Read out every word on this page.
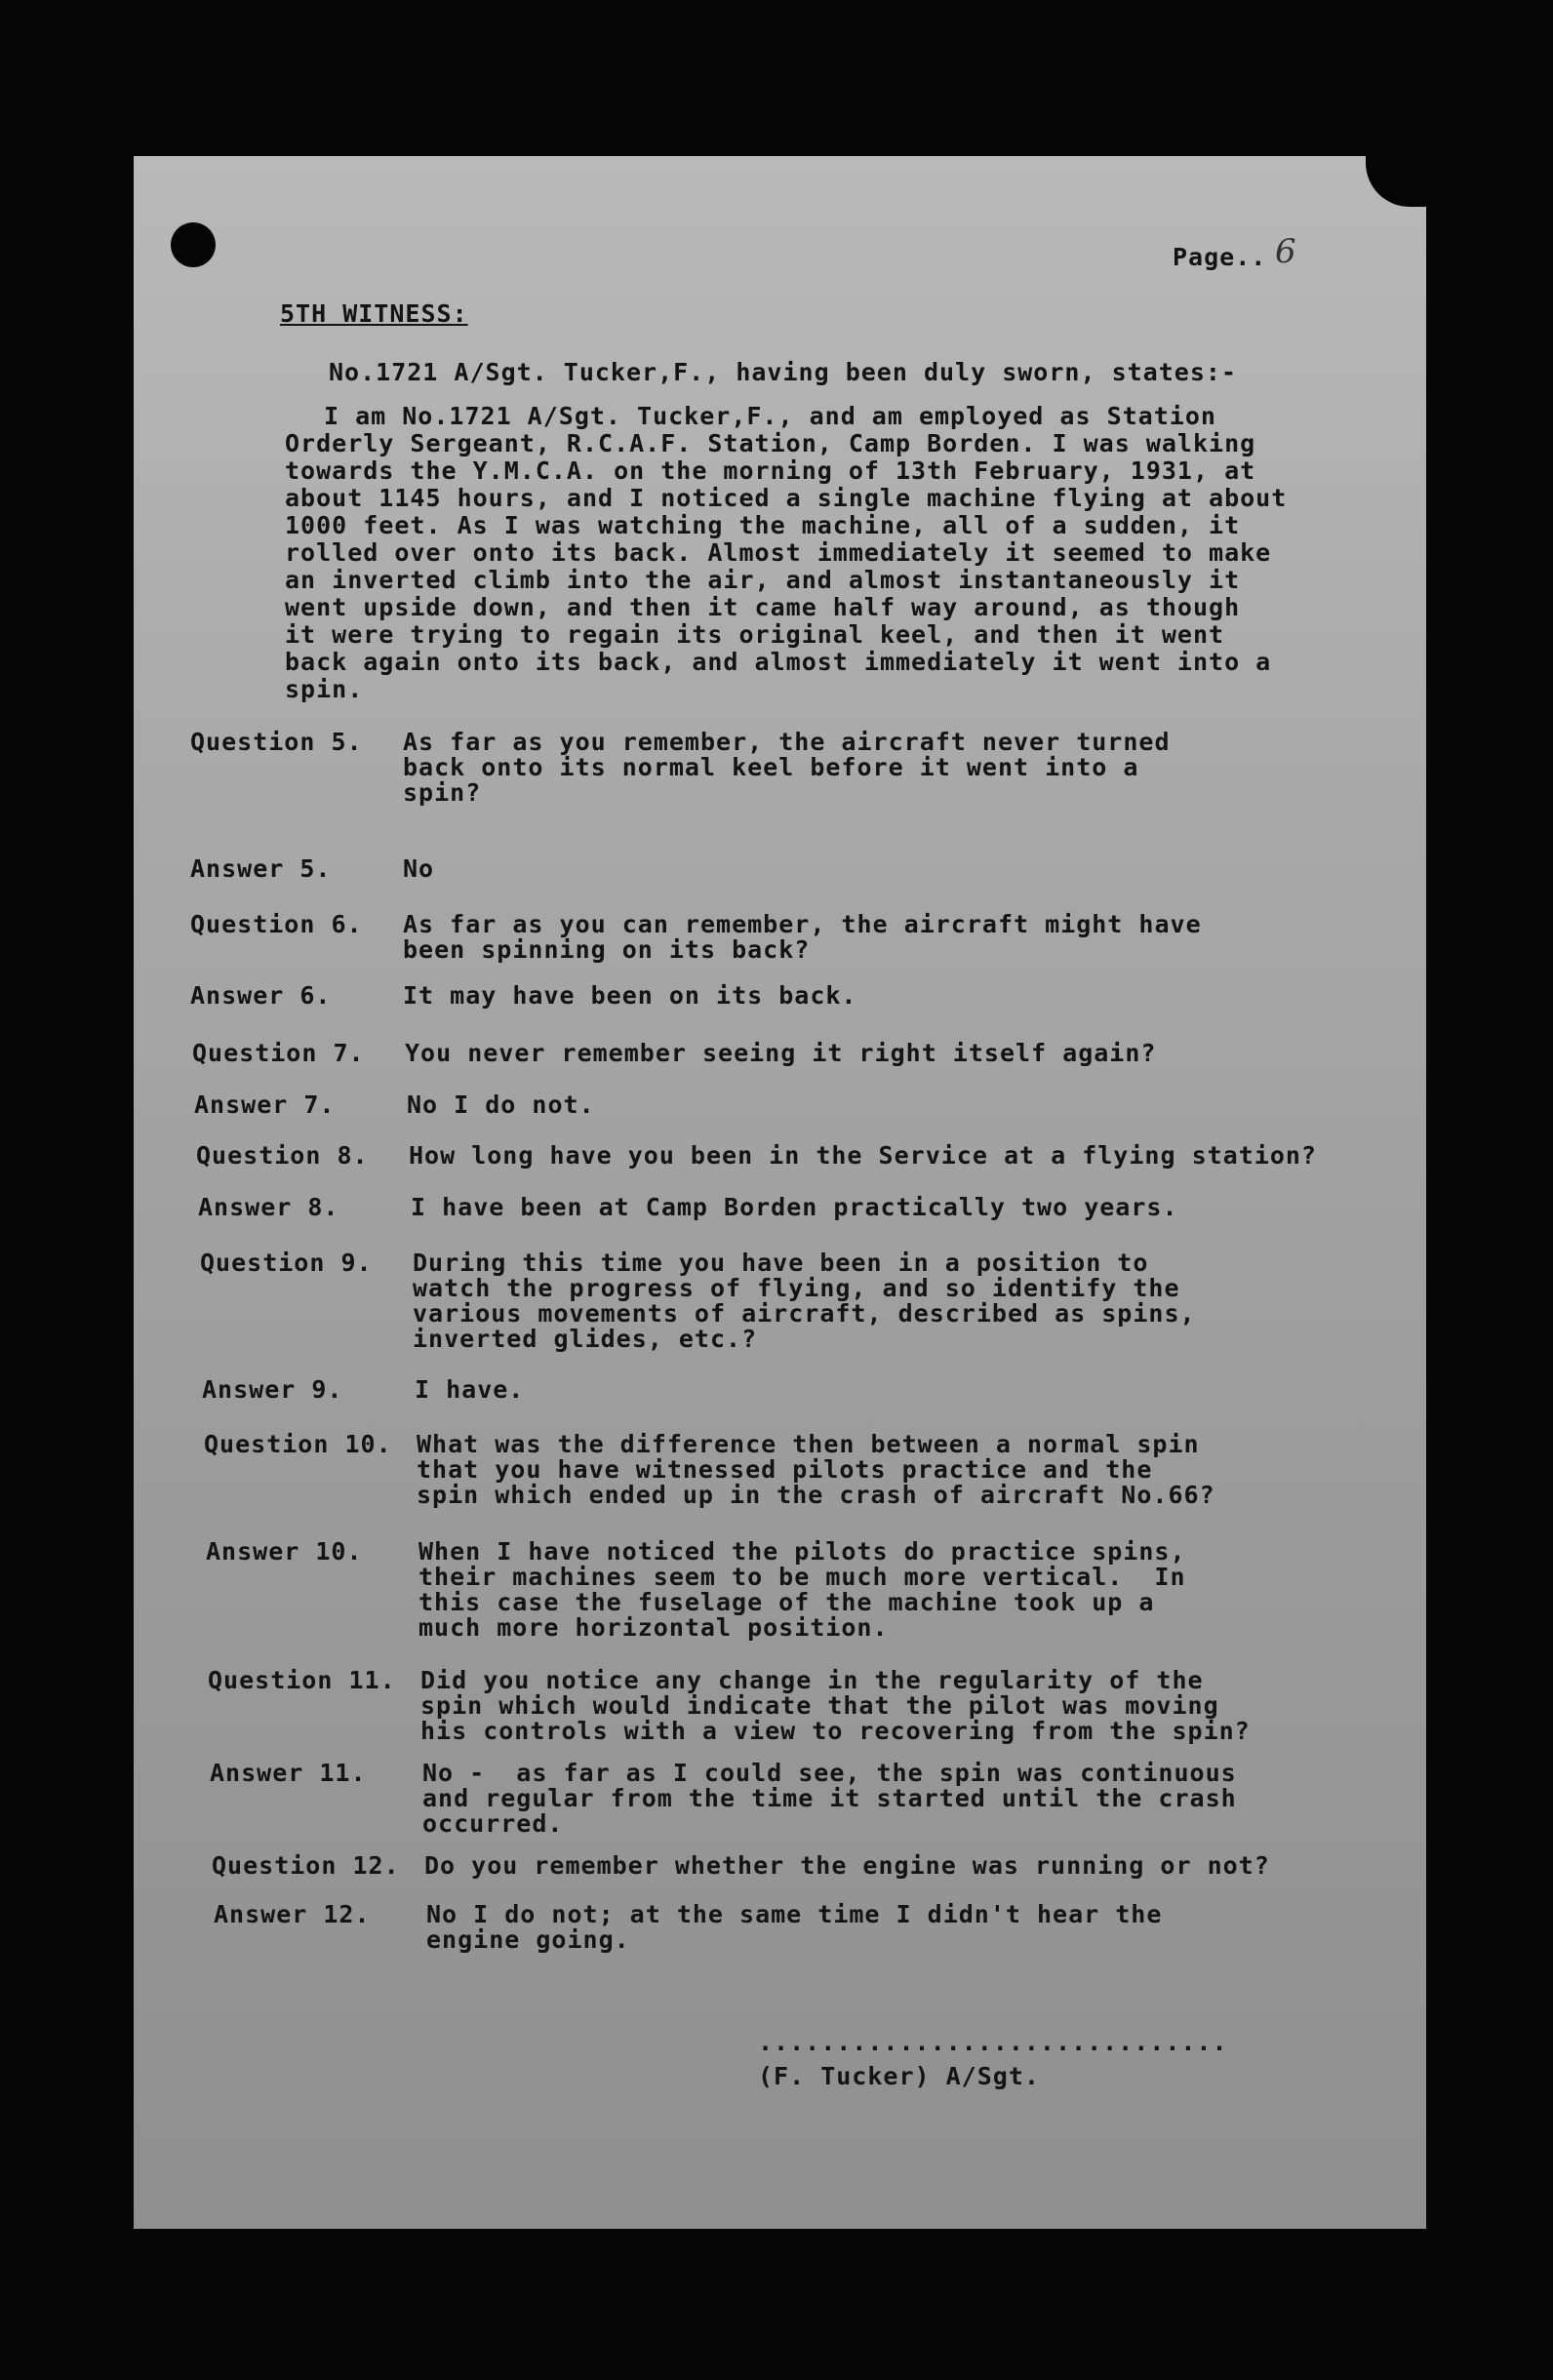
Page.. 6
5TH WITNESS:
No.1721 A/Sgt. Tucker,F., having been duly sworn, states:-
I am No.1721 A/Sgt. Tucker,F., and am employed as Station
Orderly Sergeant, R.C.A.F. Station, Camp Borden. I was walking
towards the Y.M.C.A. on the morning of 13th February, 1931, at
about 1145 hours, and I noticed a single machine flying at about
1000 feet. As I was watching the machine, all of a sudden, it
rolled over onto its back. Almost immediately it seemed to make
an inverted climb into the air, and almost instantaneously it
went upside down, and then it came half way around, as though
it were trying to regain its original keel, and then it went
back again onto its back, and almost immediately it went into a
spin.
Question 5. As far as you remember, the aircraft never turned
back onto its normal keel before it went into a
spin?
Answer 5.	No
Question 6. As far as you can remember, the aircraft might have
been spinning on its back?
Answer 6.	It may have been on its back.
Question 7. You never remember seeing it right itself again?
Answer 7.	No I do not.
Question 8. How long have you been in the Service at a flying station?
Answer 8.	I have been at Camp Borden practically two years.
Question 9. During this time you have been in a position to
watch the progress of flying, and so identify the
various movements of aircraft, described as spins,
inverted glides, etc.?
Answer 9.	I have.
Question 10. What was the difference then between a normal spin
that you have witnessed pilots practice and the
spin which ended up in the crash of aircraft No.66?
Answer 10. When I have noticed the pilots do practice spins,
their machines seem to be much more vertical.  In
this case the fuselage of the machine took up a
much more horizontal position.
Question 11. Did you notice any change in the regularity of the
spin which would indicate that the pilot was moving
his controls with a view to recovering from the spin?
Answer 11. No -  as far as I could see, the spin was continuous
and regular from the time it started until the crash
occurred.
Question 12. Do you remember whether the engine was running or not?
Answer 12. No I do not; at the same time I didn't hear the
engine going.
..............................
(F. Tucker) A/Sgt.
